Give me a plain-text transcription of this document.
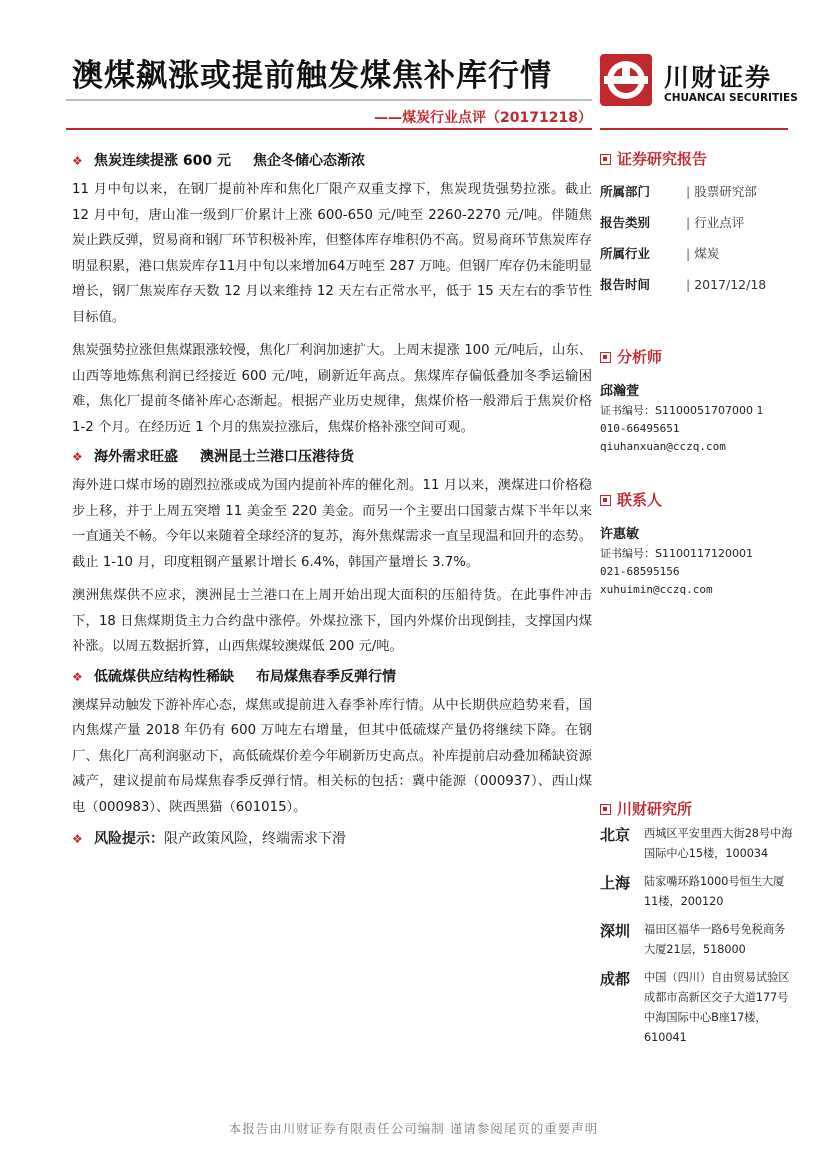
澳煤飙涨或提前触发煤焦补库行情
——煤炭行业点评（20171218）
川财证券
CHUANCAI SECURITIES
❖ 焦炭连续提涨 600 元 焦企冬储心态渐浓

11 月中旬以来，在钢厂提前补库和焦化厂限产双重支撑下，焦炭现货强势拉涨。截止 12 月中旬，唐山准一级到厂价累计上涨 600-650 元/吨至 2260-2270 元/吨。伴随焦炭止跌反弹，贸易商和钢厂环节积极补库，但整体库存堆积仍不高。贸易商环节焦炭库存明显积累，港口焦炭库存11月中旬以来增加64万吨至 287 万吨。但钢厂库存仍未能明显增长，钢厂焦炭库存天数 12 月以来维持 12 天左右正常水平，低于 15 天左右的季节性目标值。

焦炭强势拉涨但焦煤跟涨较慢，焦化厂利润加速扩大。上周末提涨 100 元/吨后，山东、山西等地炼焦利润已经接近 600 元/吨，刷新近年高点。焦煤库存偏低叠加冬季运输困难，焦化厂提前冬储补库心态渐起。根据产业历史规律，焦煤价格一般滞后于焦炭价格 1-2 个月。在经历近 1 个月的焦炭拉涨后，焦煤价格补涨空间可观。

❖ 海外需求旺盛 澳洲昆士兰港口压港待货

海外进口煤市场的剧烈拉涨或成为国内提前补库的催化剂。11 月以来，澳煤进口价格稳步上移，并于上周五突增 11 美金至 220 美金。而另一个主要出口国蒙古煤下半年以来一直通关不畅。今年以来随着全球经济的复苏，海外焦煤需求一直呈现温和回升的态势。截止 1-10 月，印度粗钢产量累计增长 6.4%，韩国产量增长 3.7%。

澳洲焦煤供不应求，澳洲昆士兰港口在上周开始出现大面积的压船待货。在此事件冲击下，18 日焦煤期货主力合约盘中涨停。外煤拉涨下，国内外煤价出现倒挂，支撑国内煤补涨。以周五数据折算，山西焦煤较澳煤低 200 元/吨。

❖ 低硫煤供应结构性稀缺 布局煤焦春季反弹行情

澳煤异动触发下游补库心态，煤焦或提前进入春季补库行情。从中长期供应趋势来看，国内焦煤产量 2018 年仍有 600 万吨左右增量，但其中低硫煤产量仍将继续下降。在钢厂、焦化厂高利润驱动下，高低硫煤价差今年刷新历史高点。补库提前启动叠加稀缺资源减产，建议提前布局煤焦春季反弹行情。相关标的包括：冀中能源（000937）、西山煤电（000983）、陕西黑猫（601015）。

❖ 风险提示：限产政策风险，终端需求下滑
证券研究报告
所属部门	| 股票研究部
报告类别	| 行业点评
所属行业	| 煤炭
报告时间	| 2017/12/18
分析师
邱瀚萱
证书编号：S1100051707000 1
010-66495651
qiuhanxuan@cczq.com
联系人
许惠敏
证书编号：S1100117120001
021-68595156
xuhuimin@cczq.com
川财研究所
北京	西城区平安里西大街28号中海国际中心15楼，100034
上海	陆家嘴环路1000号恒生大厦11楼，200120
深圳	福田区福华一路6号免税商务大厦21层，518000
成都	中国（四川）自由贸易试验区成都市高新区交子大道177号中海国际中心B座17楼，610041
本报告由川财证券有限责任公司编制 谨请参阅尾页的重要声明
